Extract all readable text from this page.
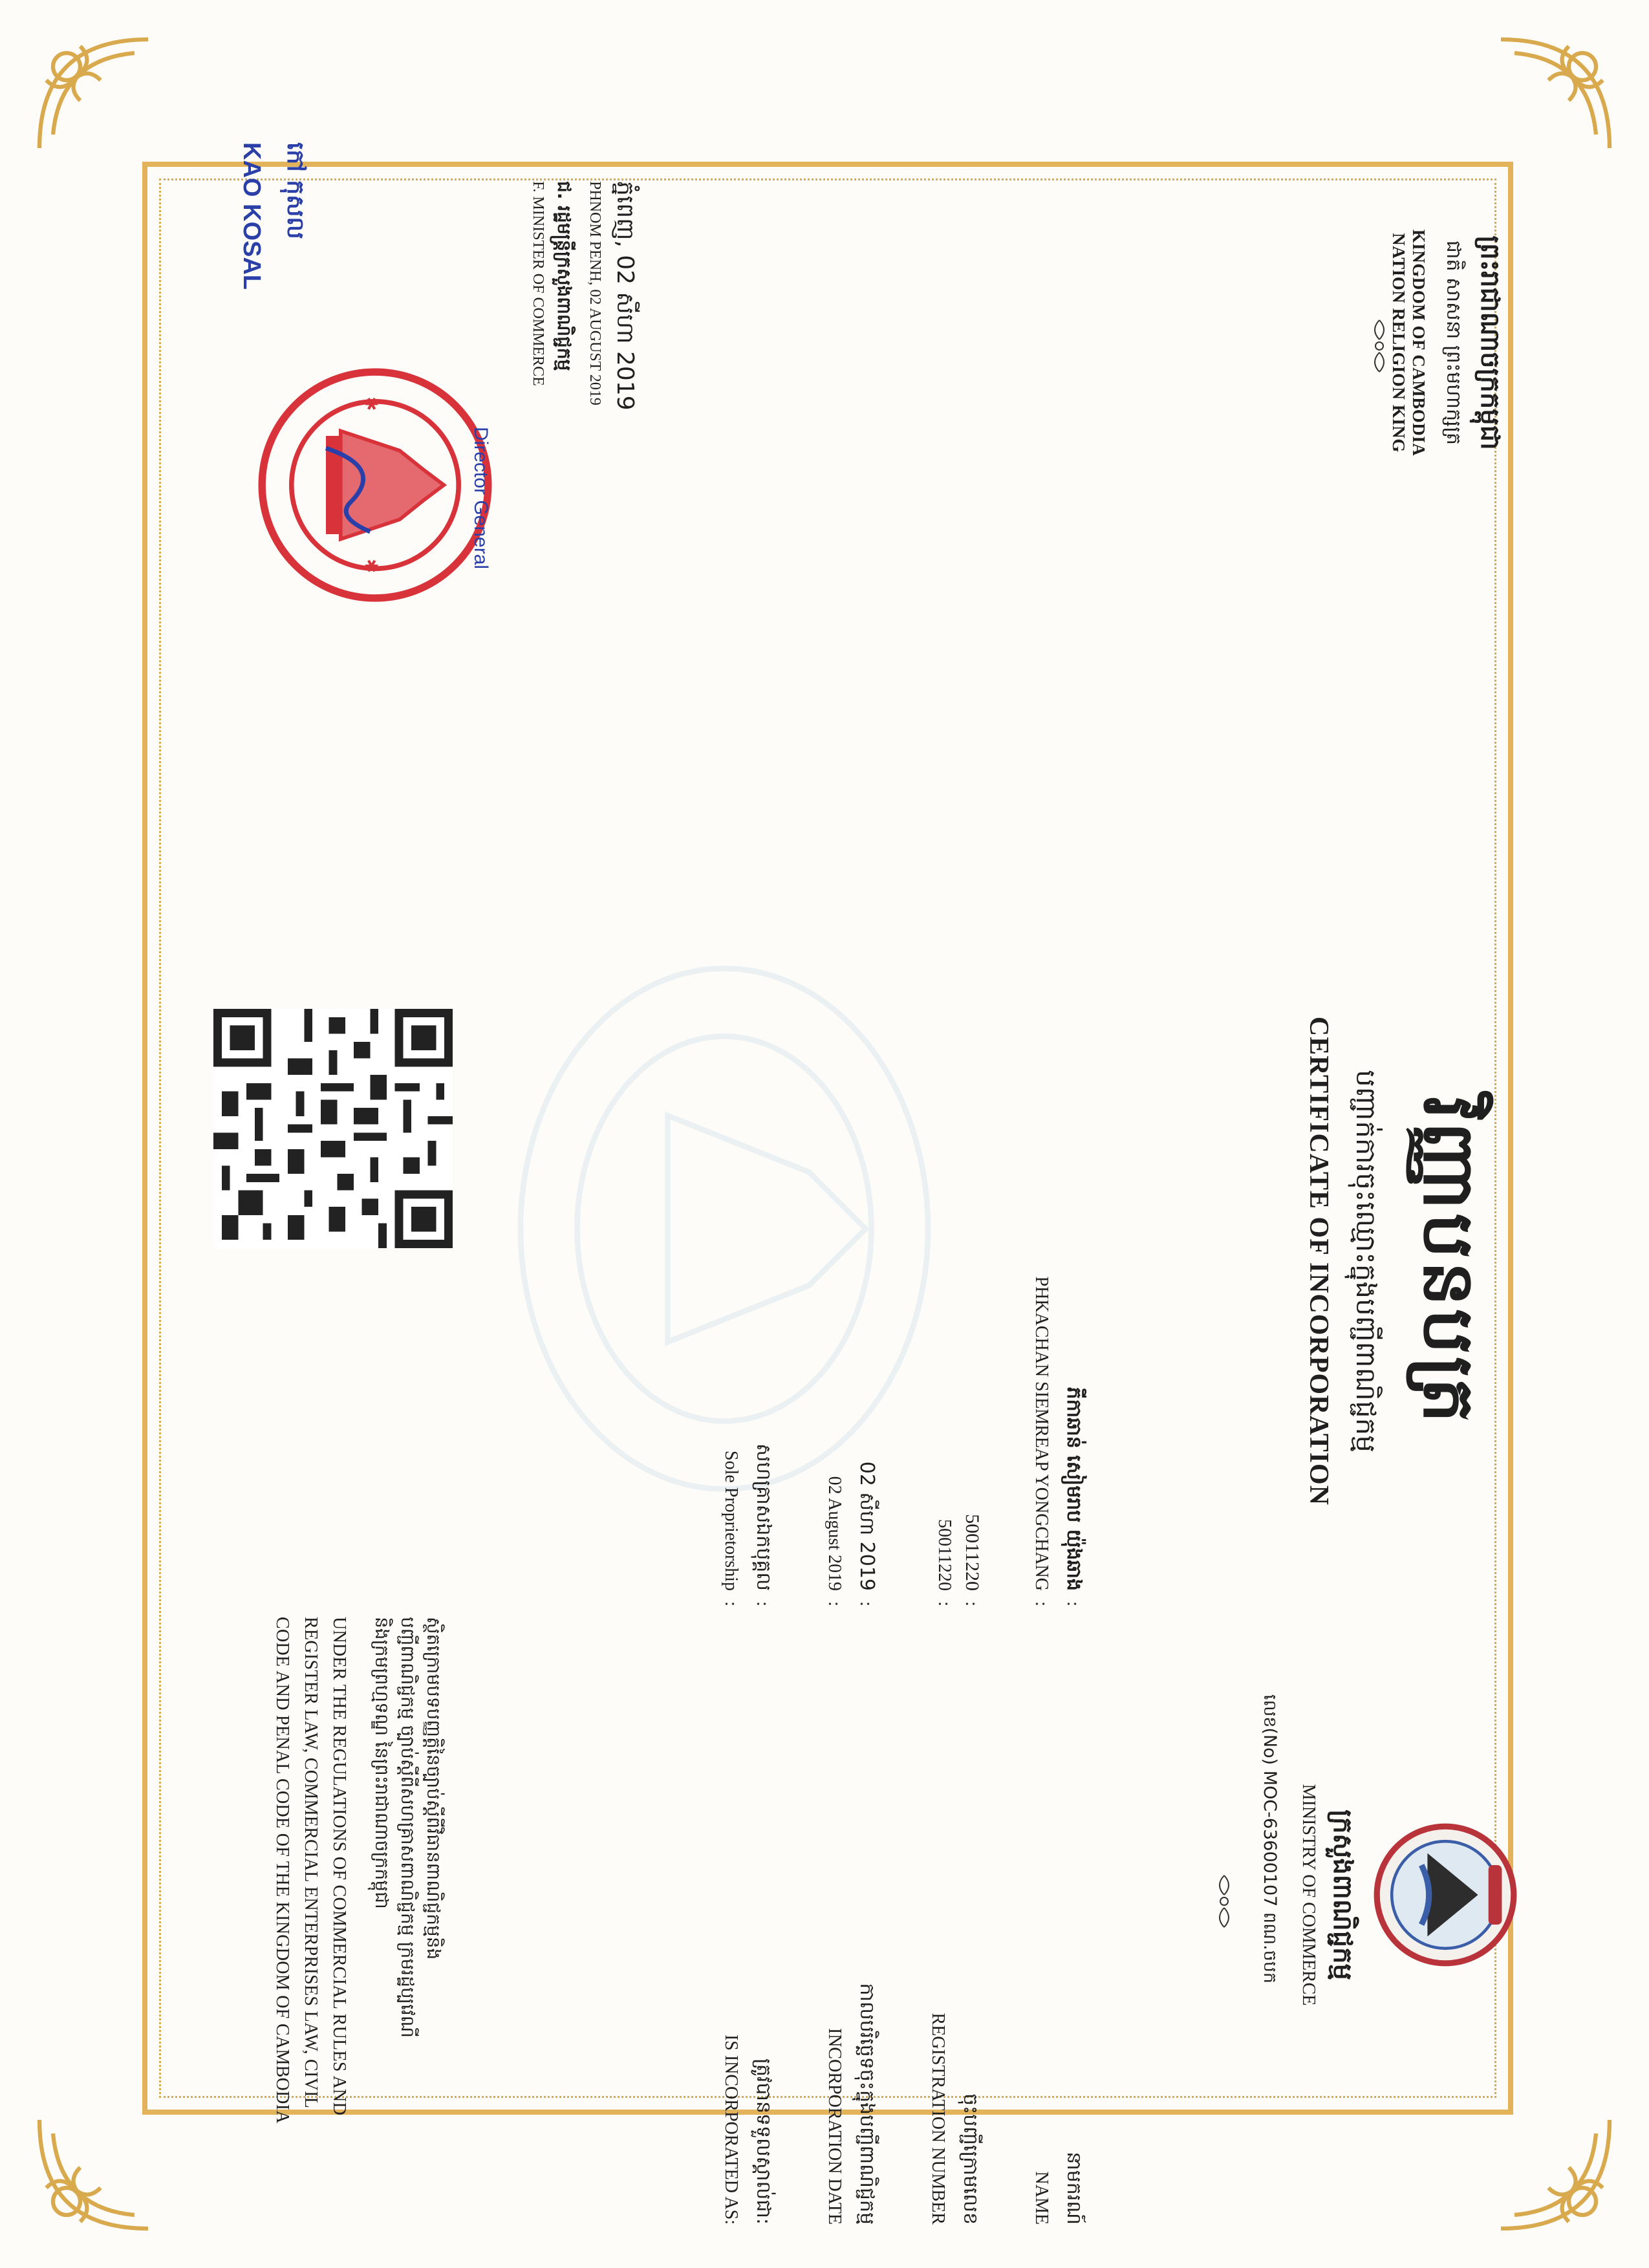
ព្រះរាជាណាចក្រកម្ពុជា
ជាតិ សាសនា ព្រះមហាក្សត្រ
KINGDOM OF CAMBODIA
NATION RELIGION KING
ក្រសួងពាណិជ្ជកម្ម
MINISTRY OF COMMERCE
លេខ(No) MOC-63600107 ពណ.ចបក
វិញ្ញាបនបត្រ
បញ្ជាក់ការចុះឈ្មោះក្នុងបញ្ជីពាណិជ្ជកម្ម
CERTIFICATE OF INCORPORATION
នាមករណ៍
NAME
ចុះបញ្ជីក្រោមលេខ
REGISTRATION NUMBER
កាលបរិច្ឆេទចុះក្នុងបញ្ជីពាណិជ្ជកម្ម
INCORPORATION DATE
ត្រូវបានទទួលស្គាល់ជា:
IS INCORPORATED AS:
ភីកាឆាន់ សៀមរាប យ៉ុងឆាង:
PHKACHAN SIEMREAP YONGCHANG:
50011220:
50011220:
02 សីហា 2019:
02 August 2019:
សហគ្រាសឯកបុគ្គល:
Sole Proprietorship:
ស្ថិតក្រោមបទបញ្ញត្តិនៃច្បាប់ស្តីពីវិធានពាណិជ្ជកម្មនិង
បញ្ជីពាណិជ្ជកម្ម ច្បាប់ស្តីពីសហគ្រាសពាណិជ្ជកម្ម ក្រមរដ្ឋប្បវេណី
និងក្រមព្រហ្មទណ្ឌ នៃព្រះរាជាណាចក្រកម្ពុជា
UNDER THE REGULATIONS OF COMMERCIAL RULES AND
REGISTER LAW, COMMERCIAL ENTERPRISES LAW, CIVIL
CODE AND PENAL CODE OF THE KINGDOM OF CAMBODIA
ភ្នំពេញ, 02 សីហា 2019
PHNOM PENH, 02 AUGUST 2019
ជ. រដ្ឋមន្ត្រីក្រសួងពាណិជ្ជកម្ម
F. MINISTER OF COMMERCE
✱
✱	Director General
កៅ កុសល
KAO KOSAL
